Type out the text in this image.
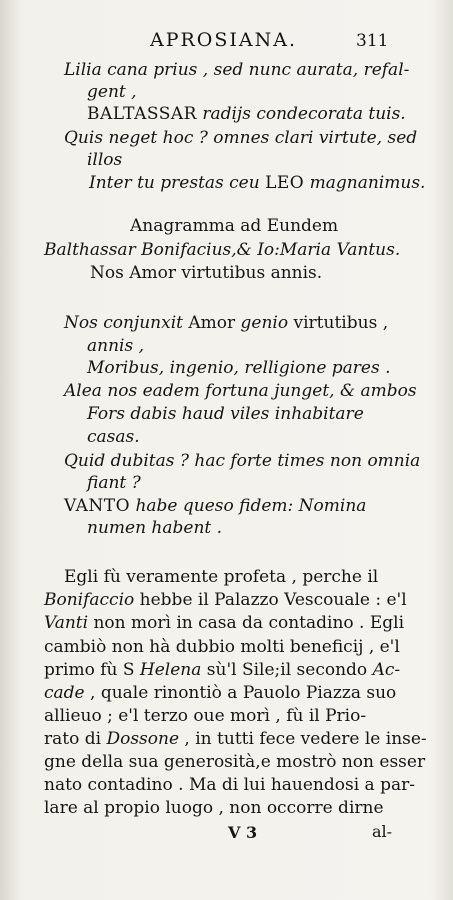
APROSIANA.	311
Lilia cana prius , sed nunc aurata, refal-
gent ,
BALTASSAR radijs condecorata tuis.
Quis neget hoc ? omnes clari virtute, sed
illos
Inter tu prestas ceu LEO magnanimus.
Anagramma ad Eundem
Balthassar Bonifacius,& Io:Maria Vantus.
Nos Amor virtutibus annis.
Nos conjunxit Amor genio virtutibus ,
annis ,
Moribus, ingenio, relligione pares .
Alea nos eadem fortuna junget, & ambos
Fors dabis haud viles inhabitare
casas.
Quid dubitas ? hac forte times non omnia
fiant ?
VANTO habe queso fidem: Nomina
numen habent .
Egli fù veramente profeta , perche il
Bonifaccio hebbe il Palazzo Vescouale : e'l
Vanti non morì in casa da contadino . Egli
cambiò non hà dubbio molti beneficij , e'l
primo fù S Helena sù'l Sile;il secondo Ac-
cade , quale rinontiò a Pauolo Piazza suo
allieuo ; e'l terzo oue morì , fù il Prio-
rato di Dossone , in tutti fece vedere le inse-
gne della sua generosità,e mostrò non esser
nato contadino . Ma di lui hauendosi a par-
lare al propio luogo , non occorre dirne
V 3	al-
